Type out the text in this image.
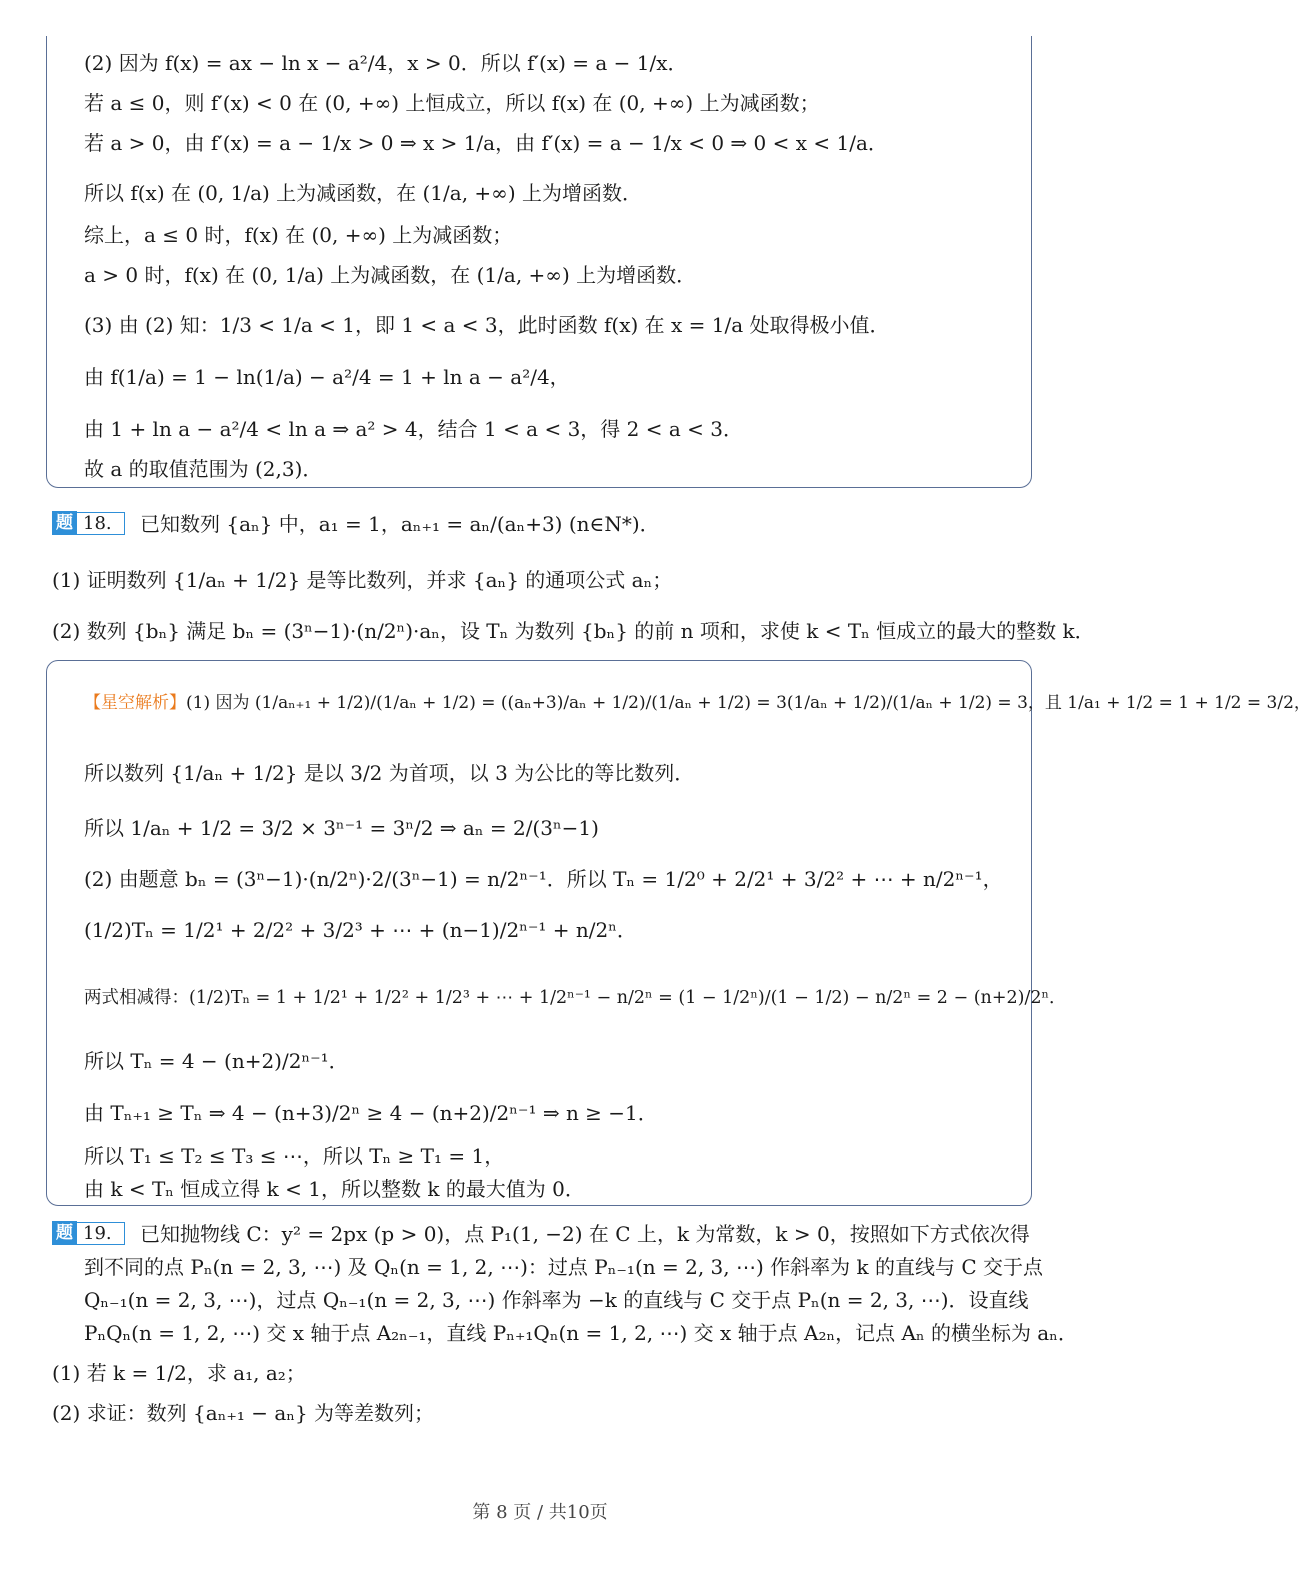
(2) 因为 f(x) = ax − ln x − a²/4，x > 0．所以 f′(x) = a − 1/x．
若 a ≤ 0，则 f′(x) < 0 在 (0, +∞) 上恒成立，所以 f(x) 在 (0, +∞) 上为减函数；
若 a > 0，由 f′(x) = a − 1/x > 0 ⇒ x > 1/a，由 f′(x) = a − 1/x < 0 ⇒ 0 < x < 1/a．
所以 f(x) 在 (0, 1/a) 上为减函数，在 (1/a, +∞) 上为增函数．
综上，a ≤ 0 时，f(x) 在 (0, +∞) 上为减函数；
a > 0 时，f(x) 在 (0, 1/a) 上为减函数，在 (1/a, +∞) 上为增函数．
(3) 由 (2) 知：1/3 < 1/a < 1，即 1 < a < 3，此时函数 f(x) 在 x = 1/a 处取得极小值．
由 f(1/a) = 1 − ln(1/a) − a²/4 = 1 + ln a − a²/4，
由 1 + ln a − a²/4 < ln a ⇒ a² > 4，结合 1 < a < 3，得 2 < a < 3．
故 a 的取值范围为 (2,3)．
题 18.	已知数列 {aₙ} 中，a₁ = 1，aₙ₊₁ = aₙ/(aₙ+3) (n∈N*)．
(1) 证明数列 {1/aₙ + 1/2} 是等比数列，并求 {aₙ} 的通项公式 aₙ；
(2) 数列 {bₙ} 满足 bₙ = (3ⁿ−1)·(n/2ⁿ)·aₙ，设 Tₙ 为数列 {bₙ} 的前 n 项和，求使 k < Tₙ 恒成立的最大的整数 k．
【星空解析】(1) 因为 (1/aₙ₊₁ + 1/2)/(1/aₙ + 1/2) = ((aₙ+3)/aₙ + 1/2)/(1/aₙ + 1/2) = 3(1/aₙ + 1/2)/(1/aₙ + 1/2) = 3，且 1/a₁ + 1/2 = 1 + 1/2 = 3/2，
所以数列 {1/aₙ + 1/2} 是以 3/2 为首项，以 3 为公比的等比数列．
所以 1/aₙ + 1/2 = 3/2 × 3ⁿ⁻¹ = 3ⁿ/2 ⇒ aₙ = 2/(3ⁿ−1)
(2) 由题意 bₙ = (3ⁿ−1)·(n/2ⁿ)·2/(3ⁿ−1) = n/2ⁿ⁻¹．所以 Tₙ = 1/2⁰ + 2/2¹ + 3/2² + ⋯ + n/2ⁿ⁻¹，
(1/2)Tₙ = 1/2¹ + 2/2² + 3/2³ + ⋯ + (n−1)/2ⁿ⁻¹ + n/2ⁿ．
两式相减得：(1/2)Tₙ = 1 + 1/2¹ + 1/2² + 1/2³ + ⋯ + 1/2ⁿ⁻¹ − n/2ⁿ = (1 − 1/2ⁿ)/(1 − 1/2) − n/2ⁿ = 2 − (n+2)/2ⁿ．
所以 Tₙ = 4 − (n+2)/2ⁿ⁻¹．
由 Tₙ₊₁ ≥ Tₙ ⇒ 4 − (n+3)/2ⁿ ≥ 4 − (n+2)/2ⁿ⁻¹ ⇒ n ≥ −1．
所以 T₁ ≤ T₂ ≤ T₃ ≤ ⋯，所以 Tₙ ≥ T₁ = 1，
由 k < Tₙ 恒成立得 k < 1，所以整数 k 的最大值为 0．
题 19.	已知抛物线 C：y² = 2px (p > 0)，点 P₁(1, −2) 在 C 上，k 为常数，k > 0，按照如下方式依次得
到不同的点 Pₙ(n = 2, 3, ⋯) 及 Qₙ(n = 1, 2, ⋯)：过点 Pₙ₋₁(n = 2, 3, ⋯) 作斜率为 k 的直线与 C 交于点
Qₙ₋₁(n = 2, 3, ⋯)，过点 Qₙ₋₁(n = 2, 3, ⋯) 作斜率为 −k 的直线与 C 交于点 Pₙ(n = 2, 3, ⋯)．设直线
PₙQₙ(n = 1, 2, ⋯) 交 x 轴于点 A₂ₙ₋₁，直线 Pₙ₊₁Qₙ(n = 1, 2, ⋯) 交 x 轴于点 A₂ₙ，记点 Aₙ 的横坐标为 aₙ．
(1) 若 k = 1/2，求 a₁, a₂；
(2) 求证：数列 {aₙ₊₁ − aₙ} 为等差数列；
第 8 页 / 共10页
